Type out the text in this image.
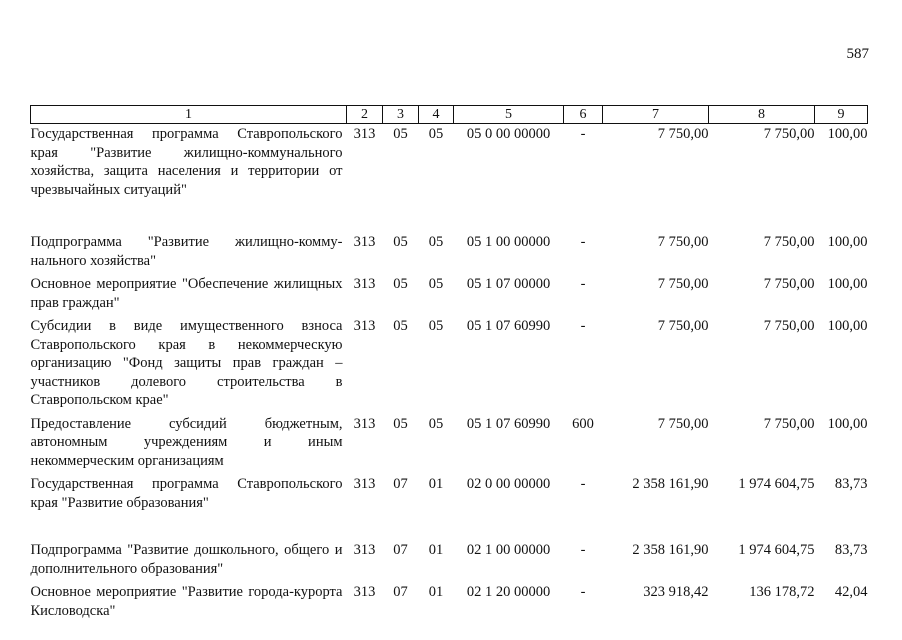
587
1	2	3	4	5	6	7	8	9
Государственная программа Ставропольского края "Развитие жилищно-коммунального хозяйства, защита населения и территории от чрезвычайных ситуаций"	313	05	05	05 0 00 00000	-	7 750,00	7 750,00	100,00
Подпрограмма "Развитие жилищно-комму-нального хозяйства"	313	05	05	05 1 00 00000	-	7 750,00	7 750,00	100,00
Основное мероприятие "Обеспечение жилищных прав граждан"	313	05	05	05 1 07 00000	-	7 750,00	7 750,00	100,00
Субсидии в виде имущественного взноса Ставропольского края в некоммерческую организацию "Фонд защиты прав граждан – участников долевого строительства в Ставропольском крае"	313	05	05	05 1 07 60990	-	7 750,00	7 750,00	100,00
Предоставление субсидий бюджетным, автономным учреждениям и иным некоммерческим организациям	313	05	05	05 1 07 60990	600	7 750,00	7 750,00	100,00
Государственная программа Ставропольского края "Развитие образования"	313	07	01	02 0 00 00000	-	2 358 161,90	1 974 604,75	83,73
Подпрограмма "Развитие дошкольного, общего и дополнительного образования"	313	07	01	02 1 00 00000	-	2 358 161,90	1 974 604,75	83,73
Основное мероприятие "Развитие города-курорта Кисловодска"	313	07	01	02 1 20 00000	-	323 918,42	136 178,72	42,04
